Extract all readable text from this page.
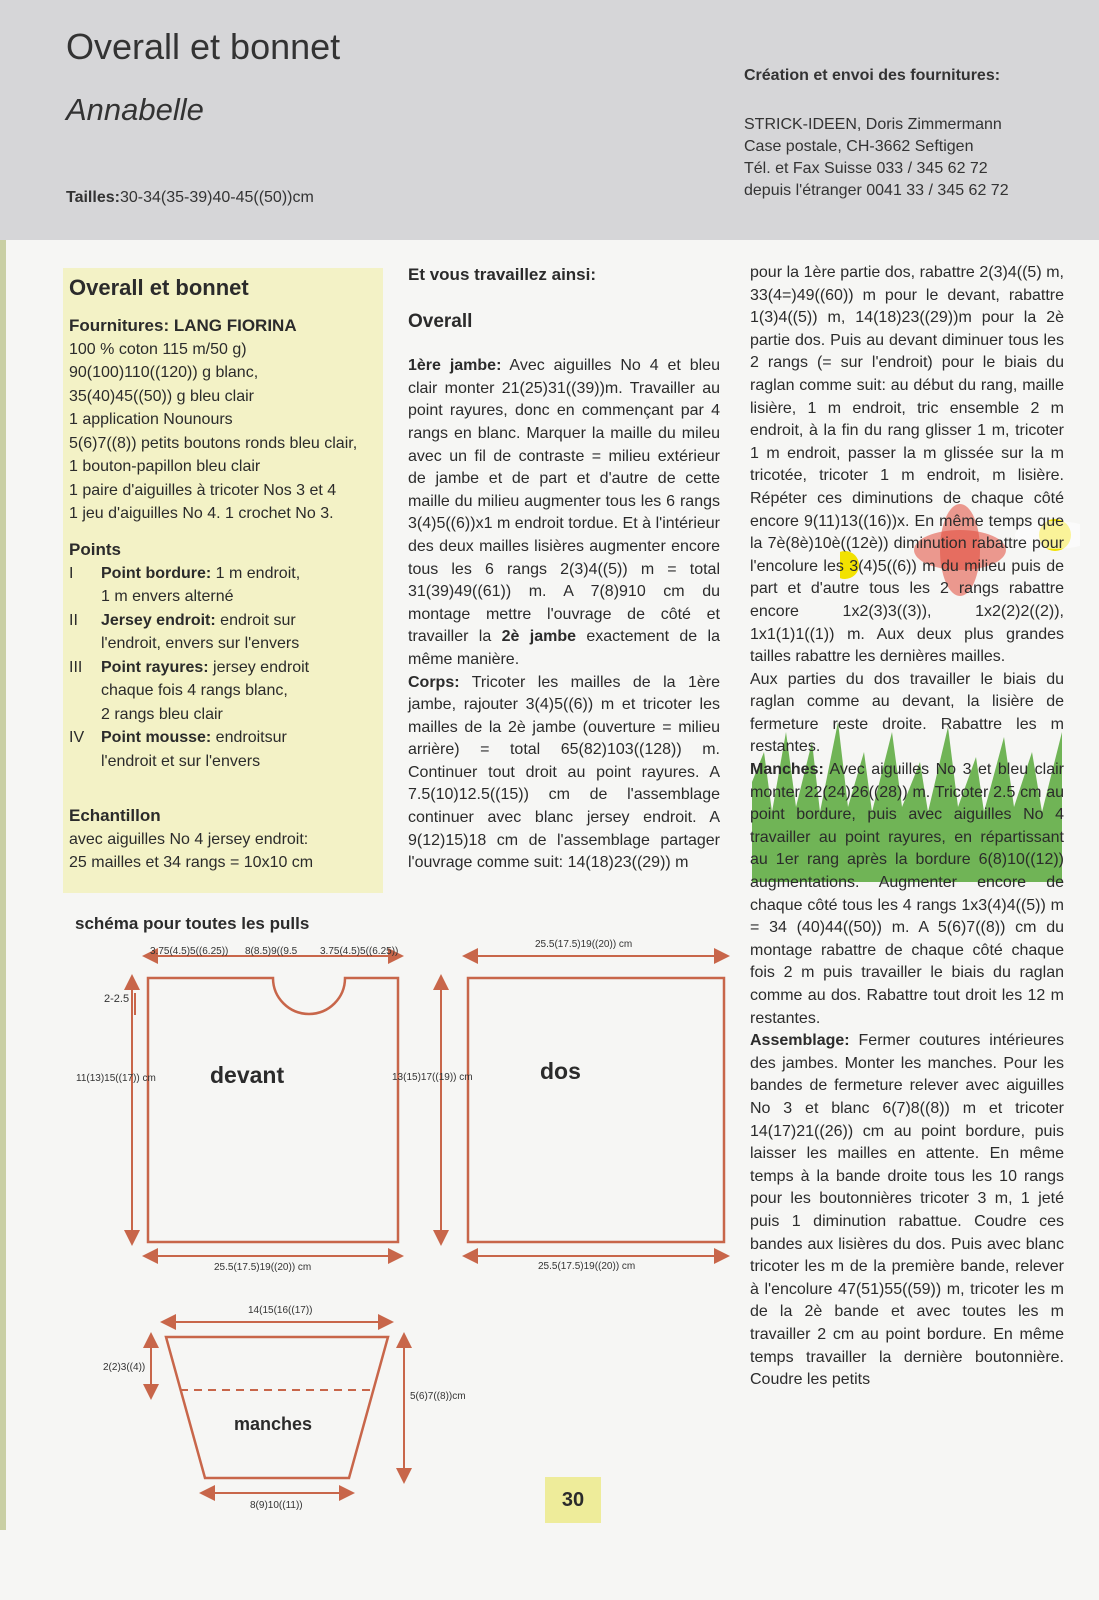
Overall et bonnet
Annabelle
Tailles:30-34(35-39)40-45((50))cm
Création et envoi des fournitures:
STRICK-IDEEN, Doris Zimmermann
Case postale, CH-3662 Seftigen
Tél. et Fax Suisse 033 / 345 62 72
depuis l'étranger 0041 33 / 345 62 72
Overall et bonnet
Fournitures: LANG FIORINA
100 % coton 115 m/50 g)
90(100)110((120)) g blanc,
35(40)45((50)) g bleu clair
1 application Nounours
5(6)7((8)) petits boutons ronds bleu clair,
1 bouton-papillon bleu clair
1 paire d'aiguilles à tricoter Nos 3 et 4
1 jeu d'aiguilles No 4. 1 crochet No 3.
Points
I	Point bordure: 1 m endroit,
1 m envers alterné
II	Jersey endroit: endroit sur
l'endroit, envers sur l'envers
III	Point rayures: jersey endroit
chaque fois 4 rangs blanc,
2 rangs bleu clair
IV	Point mousse: endroitsur
l'endroit et sur l'envers
Echantillon
avec aiguilles No 4 jersey endroit:
25 mailles et 34 rangs = 10x10 cm
Et vous travaillez ainsi:
Overall

1ère jambe: Avec aiguilles No 4 et bleu clair monter 21(25)31((39))m. Travailler au point rayures, donc en commençant par 4 rangs en blanc. Marquer la maille du mileu avec un fil de contraste = milieu extérieur de jambe et de part et d'autre de cette maille du milieu augmenter tous les 6 rangs 3(4)5((6))x1 m endroit tordue. Et à l'intérieur des deux mailles lisières augmenter encore tous les 6 rangs 2(3)4((5)) m = total 31(39)49((61)) m. A 7(8)910 cm du montage mettre l'ouvrage de côté et travailler la 2è jambe exactement de la même manière.

Corps: Tricoter les mailles de la 1ère jambe, rajouter 3(4)5((6)) m et tricoter les mailles de la 2è jambe (ouverture = milieu arrière) = total 65(82)103((128)) m. Continuer tout droit au point rayures. A 7.5(10)12.5((15)) cm de l'assemblage continuer avec blanc jersey endroit. A 9(12)15)18 cm de l'assemblage partager l'ouvrage comme suit: 14(18)23((29)) m

pour la 1ère partie dos, rabattre 2(3)4((5) m, 33(4=)49((60)) m pour le devant, rabattre 1(3)4((5)) m, 14(18)23((29))m pour la 2è partie dos. Puis au devant diminuer tous les 2 rangs (= sur l'endroit) pour le biais du raglan comme suit: au début du rang, maille lisière, 1 m endroit, tric ensemble 2 m endroit, à la fin du rang glisser 1 m, tricoter 1 m endroit, passer la m glissée sur la m tricotée, tricoter 1 m endroit, m lisière. Répéter ces diminutions de chaque côté encore 9(11)13((16))x. En même temps que la 7è(8è)10è((12è)) diminution rabattre pour l'encolure les 3(4)5((6)) m du milieu puis de part et d'autre tous les 2 rangs rabattre encore 1x2(3)3((3)), 1x2(2)2((2)), 1x1(1)1((1)) m. Aux deux plus grandes tailles rabattre les dernières mailles.

Aux parties du dos travailler le biais du raglan comme au devant, la lisière de fermeture reste droite. Rabattre les m restantes.

Manches: Avec aiguilles No 3 et bleu clair monter 22(24)26((28)) m. Tricoter 2.5 cm au point bordure, puis avec aiguilles No 4 travailler au point rayures, en répartissant au 1er rang après la bordure 6(8)10((12)) augmentations. Augmenter encore de chaque côté tous les 4 rangs 1x3(4)4((5)) m = 34 (40)44((50)) m. A 5(6)7((8)) cm du montage rabattre de chaque côté chaque fois 2 m puis travailler le biais du raglan comme au dos. Rabattre tout droit les 12 m restantes.

Assemblage: Fermer coutures intérieures des jambes. Monter les manches. Pour les bandes de fermeture relever avec aiguilles No 3 et blanc 6(7)8((8)) m et tricoter 14(17)21((26)) cm au point bordure, puis laisser les mailles en attente. En même temps à la bande droite tous les 10 rangs pour les boutonnières tricoter 3 m, 1 jeté puis 1 diminution rabattue. Coudre ces bandes aux lisières du dos. Puis avec blanc tricoter les m de la première bande, relever à l'encolure 47(51)55((59)) m, tricoter les m de la 2è bande et avec toutes les m travailler 2 cm au point bordure. En même temps travailler la dernière boutonnière. Coudre les petits

schéma pour toutes les pulls
3.75(4.5)5((6.25)) 8(8.5)9((9.5 3.75(4.5)5((6.25))
2-2.5
11(13)15((17)) cm devant
25.5(17.5)19((20)) cm
25.5(17.5)19((20)) cm
13(15)17((19)) cm	dos
25.5(17.5)19((20)) cm
14(15(16((17))
2(2)3((4))
5(6)7((8))cm
manches
8(9)10((11))	30
